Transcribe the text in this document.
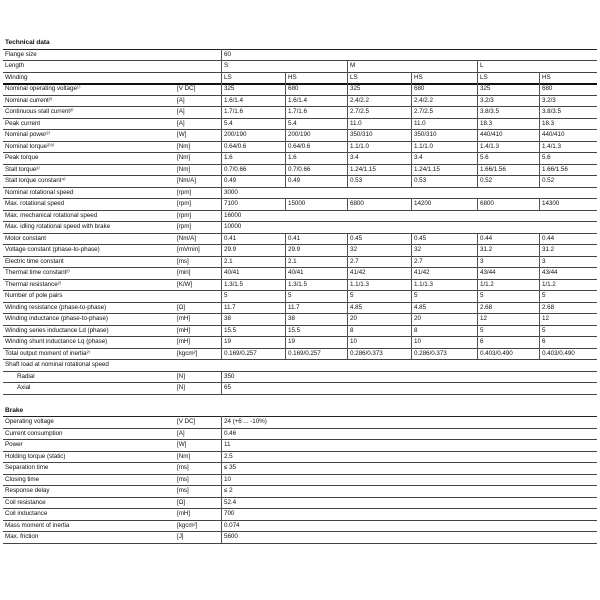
Technical data
Flange size	60
Length	S	M	L
Winding	LS	HS	LS	HS	LS	HS
Nominal operating voltage¹⁾	[V DC]	325	680	325	680	325	680
Nominal current²⁾	[A]	1.6/1.4	1.6/1.4	2.4/2.2	2.4/2.2	3.2/3	3.2/3
Continuous stall current²⁾	[A]	1.7/1.6	1.7/1.6	2.7/2.5	2.7/2.5	3.8/3.5	3.8/3.5
Peak current	[A]	5.4	5.4	11.0	11.0	18.3	18.3
Nominal power²⁾	[W]	200/190	200/190	350/310	350/310	440/410	440/410
Nominal torque²⁾³⁾	[Nm]	0.64/0.6	0.64/0.6	1.1/1.0	1.1/1.0	1.4/1.3	1.4/1.3
Peak torque	[Nm]	1.6	1.6	3.4	3.4	5.6	5.6
Stall torque²⁾	[Nm]	0.7/0.66	0.7/0.66	1.24/1.15	1.24/1.15	1.66/1.56	1.66/1.56
Stall torque constant⁴⁾	[Nm/A]	0.49	0.49	0.53	0.53	0.52	0.52
Nominal rotational speed	[rpm]	3000
Max. rotational speed	[rpm]	7100	15000	6800	14200	6800	14300
Max. mechanical rotational speed	[rpm]	16000
Max. idling rotational speed with brake	[rpm]	10000
Motor constant	[Nm/A]	0.41	0.41	0.45	0.45	0.44	0.44
Voltage constant (phase-to-phase)	[mVmin]	29.9	29.9	32	32	31.2	31.2
Electric time constant	[ms]	2.1	2.1	2.7	2.7	3	3
Thermal time constant²⁾	[min]	40/41	40/41	41/42	41/42	43/44	43/44
Thermal resistance²⁾	[K/W]	1.3/1.5	1.3/1.5	1.1/1.3	1.1/1.3	1/1.2	1/1.2
Number of pole pairs	5	5	5	5	5	5
Winding resistance (phase-to-phase)	[Ω]	11.7	11.7	4.85	4.85	2.68	2.68
Winding inductance (phase-to-phase)	[mH]	38	38	20	20	12	12
Winding series inductance Ld (phase)	[mH]	15.5	15.5	8	8	5	5
Winding shunt inductance Lq (phase)	[mH]	19	19	10	10	6	6
Total output moment of inertia²⁾	[kgcm²]	0.169/0.257	0.169/0.257	0.286/0.373	0.286/0.373	0.403/0.490	0.403/0.490
Shaft load at nominal rotational speed
Radial	[N]	350
Axial	[N]	65
Brake
Operating voltage	[V DC]	24 (+6 ... -10%)
Current consumption	[A]	0.46
Power	[W]	11
Holding torque (static)	[Nm]	2.5
Separation time	[ms]	≤ 35
Closing time	[ms]	10
Response delay	[ms]	≤ 2
Coil resistance	[Ω]	52.4
Coil inductance	[mH]	700
Mass moment of inertia	[kgcm²]	0.074
Max. friction	[J]	5600
